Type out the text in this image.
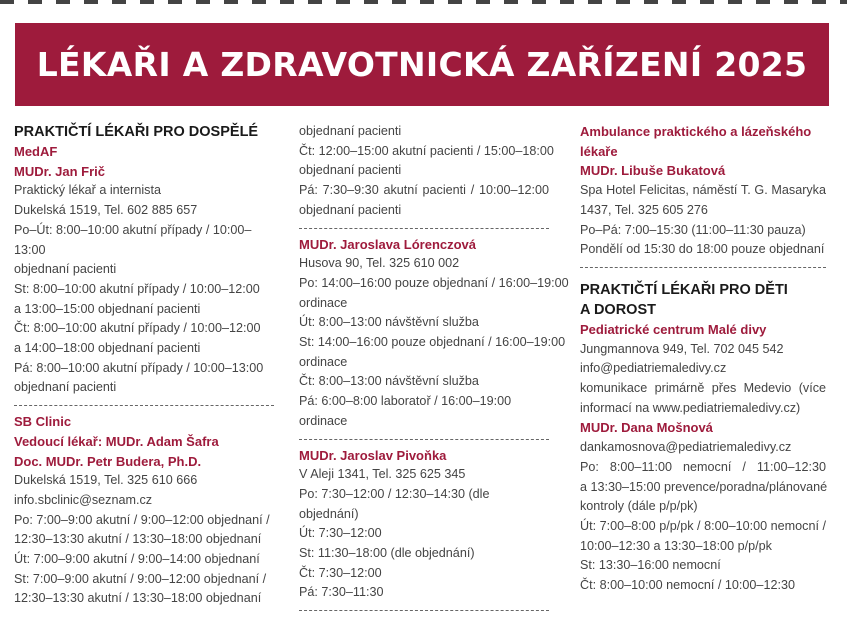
LÉKAŘI A ZDRAVOTNICKÁ ZAŘÍZENÍ 2025
PRAKTIČTÍ LÉKAŘI PRO DOSPĚLÉ
MedAF
MUDr. Jan Frič
Praktický lékař a internista
Dukelská 1519, Tel. 602 885 657
Po–Út: 8:00–10:00 akutní případy / 10:00–13:00
objednaní pacienti
St: 8:00–10:00 akutní případy / 10:00–12:00
a 13:00–15:00 objednaní pacienti
Čt: 8:00–10:00 akutní případy / 10:00–12:00
a 14:00–18:00 objednaní pacienti
Pá: 8:00–10:00 akutní případy / 10:00–13:00
objednaní pacienti
SB Clinic
Vedoucí lékař: MUDr. Adam Šafra
Doc. MUDr. Petr Budera, Ph.D.
Dukelská 1519, Tel. 325 610 666
info.sbclinic@seznam.cz
Po: 7:00–9:00 akutní / 9:00–12:00 objednaní /
12:30–13:30 akutní / 13:30–18:00 objednaní
Út: 7:00–9:00 akutní / 9:00–14:00 objednaní
St: 7:00–9:00 akutní / 9:00–12:00 objednaní /
12:30–13:30 akutní / 13:30–18:00 objednaní
objednaní pacienti
Čt: 12:00–15:00 akutní pacienti / 15:00–18:00
objednaní pacienti
Pá: 7:30–9:30 akutní pacienti / 10:00–12:00
objednaní pacienti
MUDr. Jaroslava Lórenczová
Husova 90, Tel. 325 610 002
Po: 14:00–16:00 pouze objednaní / 16:00–19:00
ordinace
Út: 8:00–13:00 návštěvní služba
St: 14:00–16:00 pouze objednaní / 16:00–19:00
ordinace
Čt: 8:00–13:00 návštěvní služba
Pá: 6:00–8:00 laboratoř / 16:00–19:00 ordinace
MUDr. Jaroslav Pivoňka
V Aleji 1341, Tel. 325 625 345
Po: 7:30–12:00 / 12:30–14:30 (dle objednání)
Út: 7:30–12:00
St: 11:30–18:00 (dle objednání)
Čt: 7:30–12:00
Pá: 7:30–11:30
Ambulance praktického a lázeňského
lékaře
MUDr. Libuše Bukatová
Spa Hotel Felicitas, náměstí T. G. Masaryka
1437, Tel. 325 605 276
Po–Pá: 7:00–15:30 (11:00–11:30 pauza)
Pondělí od 15:30 do 18:00 pouze objednaní
PRAKTIČTÍ LÉKAŘI PRO DĚTI
A DOROST
Pediatrické centrum Malé divy
Jungmannova 949, Tel. 702 045 542
info@pediatriemaledivy.cz
komunikace primárně přes Medevio (více
informací na www.pediatriemaledivy.cz)
MUDr. Dana Mošnová
dankamosnova@pediatriemaledivy.cz
Po: 8:00–11:00 nemocní / 11:00–12:30
a 13:30–15:00 prevence/poradna/plánované
kontroly (dále p/p/pk)
Út: 7:00–8:00 p/p/pk / 8:00–10:00 nemocní /
10:00–12:30 a 13:30–18:00 p/p/pk
St: 13:30–16:00 nemocní
Čt: 8:00–10:00 nemocní / 10:00–12:30
